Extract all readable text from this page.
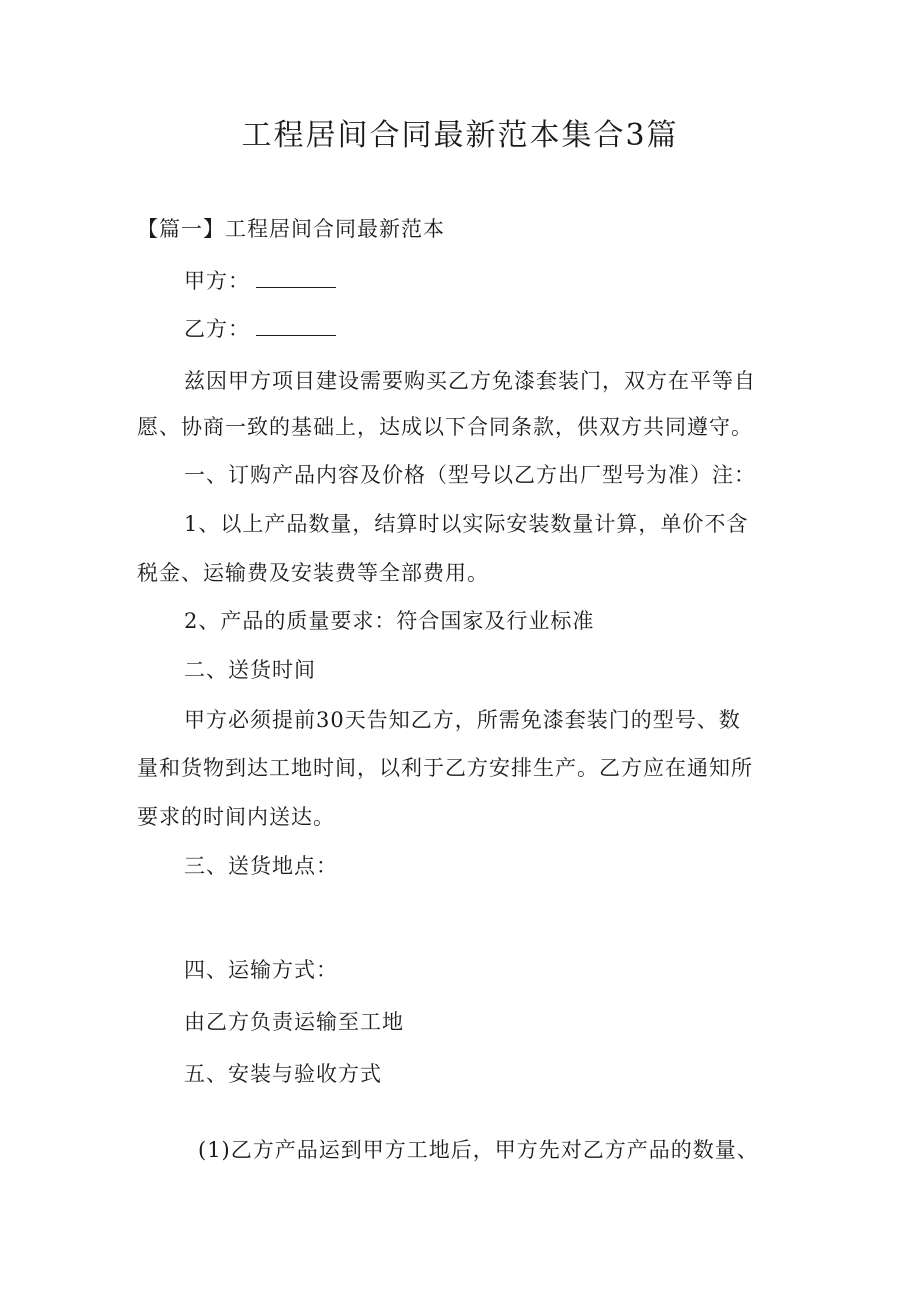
工程居间合同最新范本集合3篇
【篇一】工程居间合同最新范本
甲方：
乙方：
兹因甲方项目建设需要购买乙方免漆套装门，双方在平等自
愿、协商一致的基础上，达成以下合同条款，供双方共同遵守。
一、订购产品内容及价格（型号以乙方出厂型号为准）注：
1、以上产品数量，结算时以实际安装数量计算，单价不含
税金、运输费及安装费等全部费用。
2、产品的质量要求：符合国家及行业标准
二、送货时间
甲方必须提前30天告知乙方，所需免漆套装门的型号、数
量和货物到达工地时间，以利于乙方安排生产。乙方应在通知所
要求的时间内送达。
三、送货地点：
四、运输方式：
由乙方负责运输至工地
五、安装与验收方式
(1)乙方产品运到甲方工地后，甲方先对乙方产品的数量、
